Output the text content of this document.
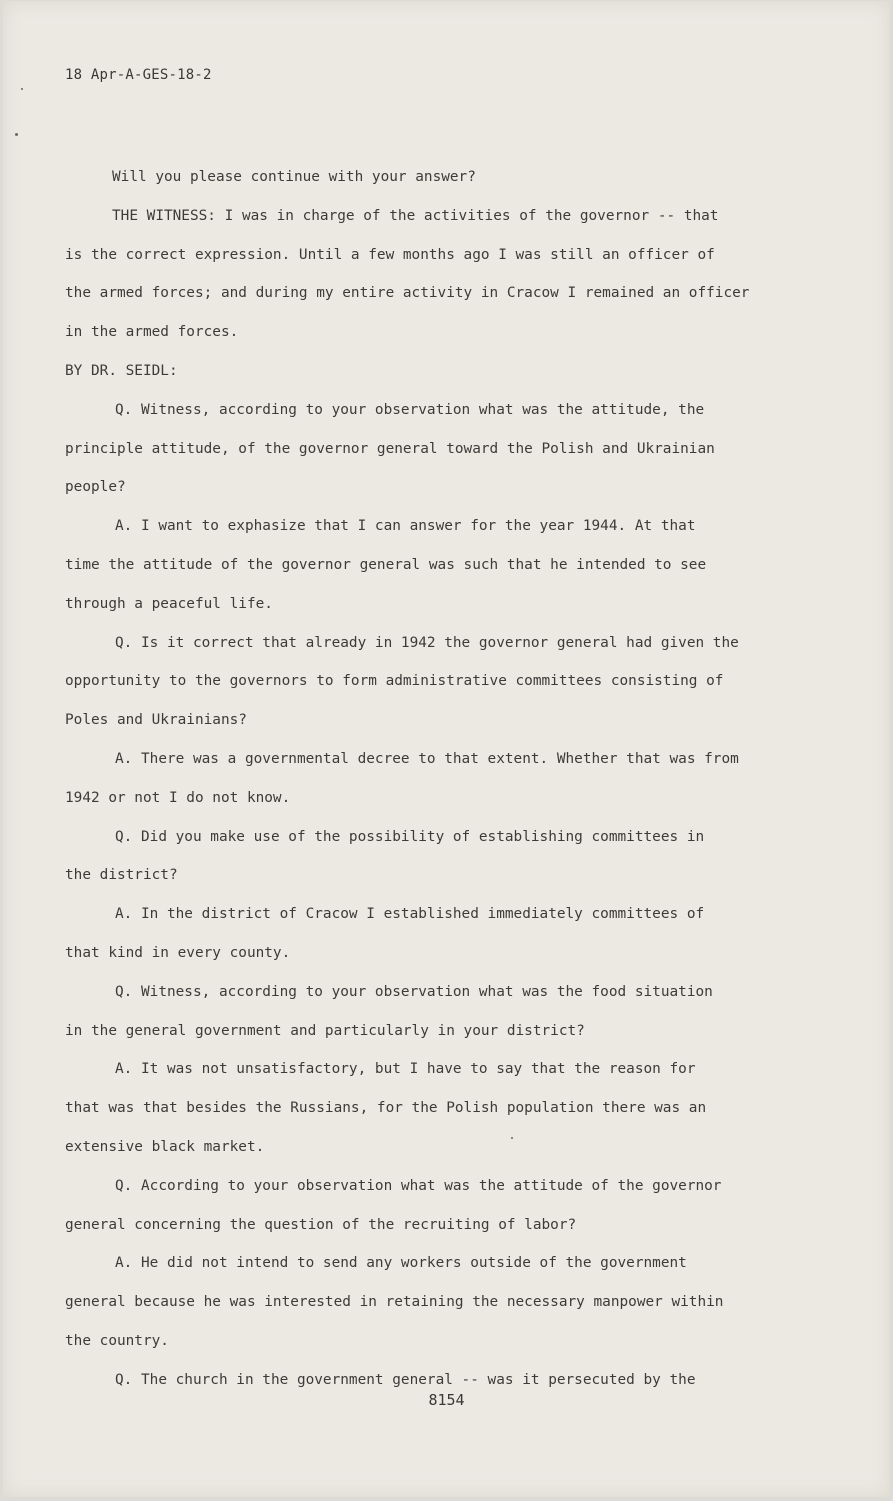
18 Apr-A-GES-18-2
Will you please continue with your answer?
THE WITNESS: I was in charge of the activities of the governor -- that
is the correct expression. Until a few months ago I was still an officer of
the armed forces; and during my entire activity in Cracow I remained an officer
in the armed forces.
BY DR. SEIDL:
Q. Witness, according to your observation what was the attitude, the
principle attitude, of the governor general toward the Polish and Ukrainian
people?
A. I want to exphasize that I can answer for the year 1944. At that
time the attitude of the governor general was such that he intended to see
through a peaceful life.
Q. Is it correct that already in 1942 the governor general had given the
opportunity to the governors to form administrative committees consisting of
Poles and Ukrainians?
A. There was a governmental decree to that extent. Whether that was from
1942 or not I do not know.
Q. Did you make use of the possibility of establishing committees in
the district?
A. In the district of Cracow I established immediately committees of
that kind in every county.
Q. Witness, according to your observation what was the food situation
in the general government and particularly in your district?
A. It was not unsatisfactory, but I have to say that the reason for
that was that besides the Russians, for the Polish population there was an
extensive black market.
Q. According to your observation what was the attitude of the governor
general concerning the question of the recruiting of labor?
A. He did not intend to send any workers outside of the government
general because he was interested in retaining the necessary manpower within
the country.
Q. The church in the government general -- was it persecuted by the
8154
